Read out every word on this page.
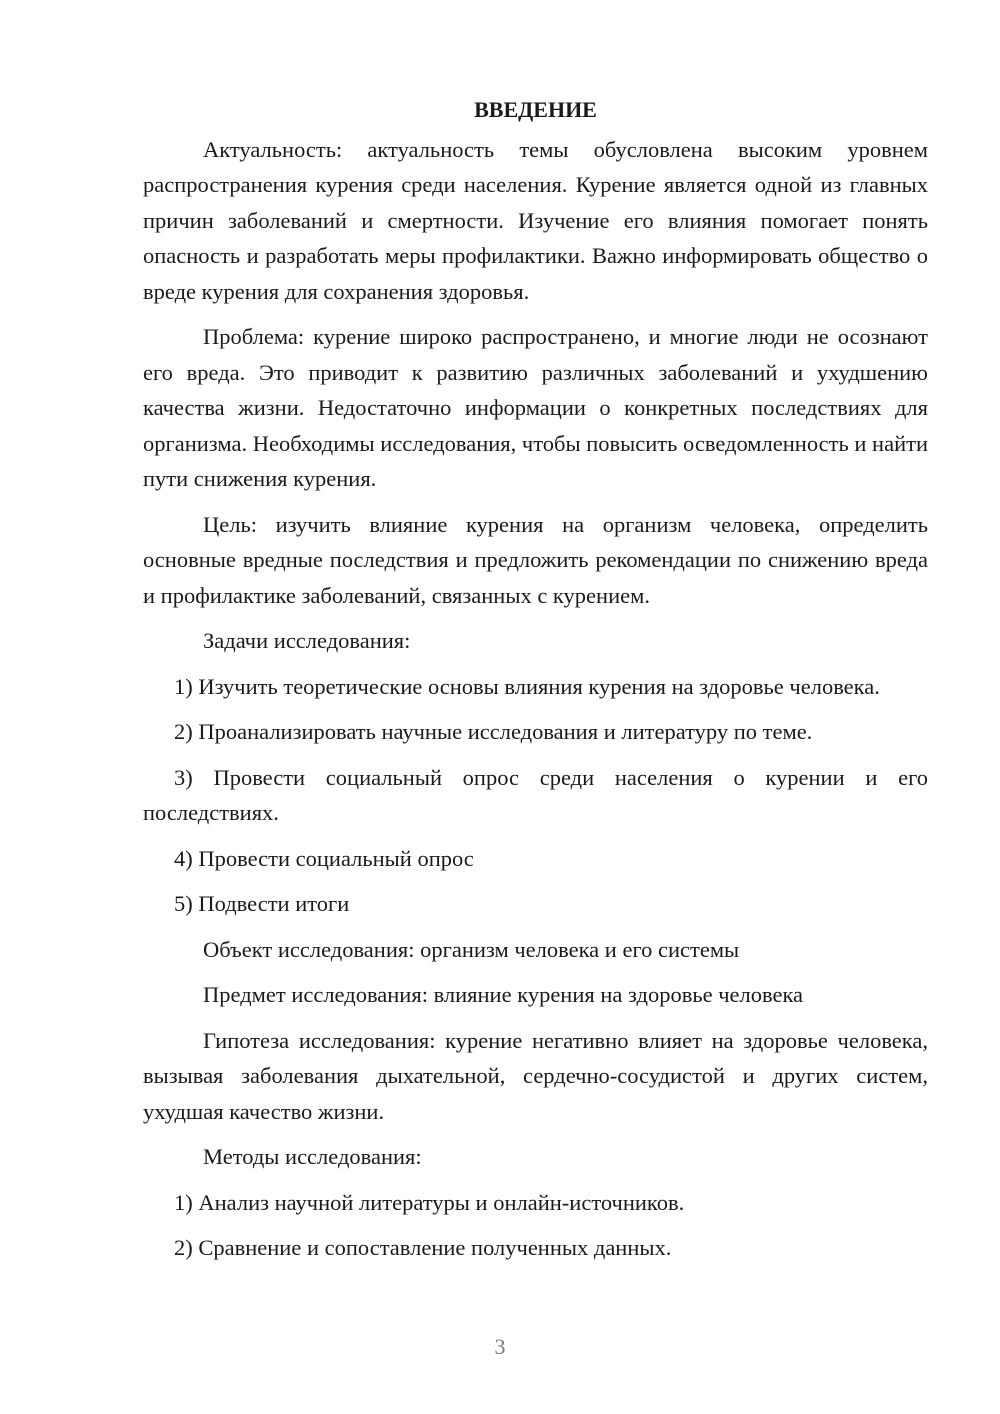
ВВЕДЕНИЕ

Актуальность: актуальность темы обусловлена высоким уровнем распространения курения среди населения. Курение является одной из главных причин заболеваний и смертности. Изучение его влияния помогает понять опасность и разработать меры профилактики. Важно информировать общество о вреде курения для сохранения здоровья.

Проблема: курение широко распространено, и многие люди не осознают его вреда. Это приводит к развитию различных заболеваний и ухудшению качества жизни. Недостаточно информации о конкретных последствиях для организма. Необходимы исследования, чтобы повысить осведомленность и найти пути снижения курения.

Цель: изучить влияние курения на организм человека, определить основные вредные последствия и предложить рекомендации по снижению вреда и профилактике заболеваний, связанных с курением.

Задачи исследования:

1) Изучить теоретические основы влияния курения на здоровье человека.

2) Проанализировать научные исследования и литературу по теме.

3) Провести социальный опрос среди населения о курении и его последствиях.

4) Провести социальный опрос

5) Подвести итоги

Объект исследования: организм человека и его системы

Предмет исследования: влияние курения на здоровье человека

Гипотеза исследования: курение негативно влияет на здоровье человека, вызывая заболевания дыхательной, сердечно-сосудистой и других систем, ухудшая качество жизни.

Методы исследования:

1) Анализ научной литературы и онлайн-источников.

2) Сравнение и сопоставление полученных данных.

3
